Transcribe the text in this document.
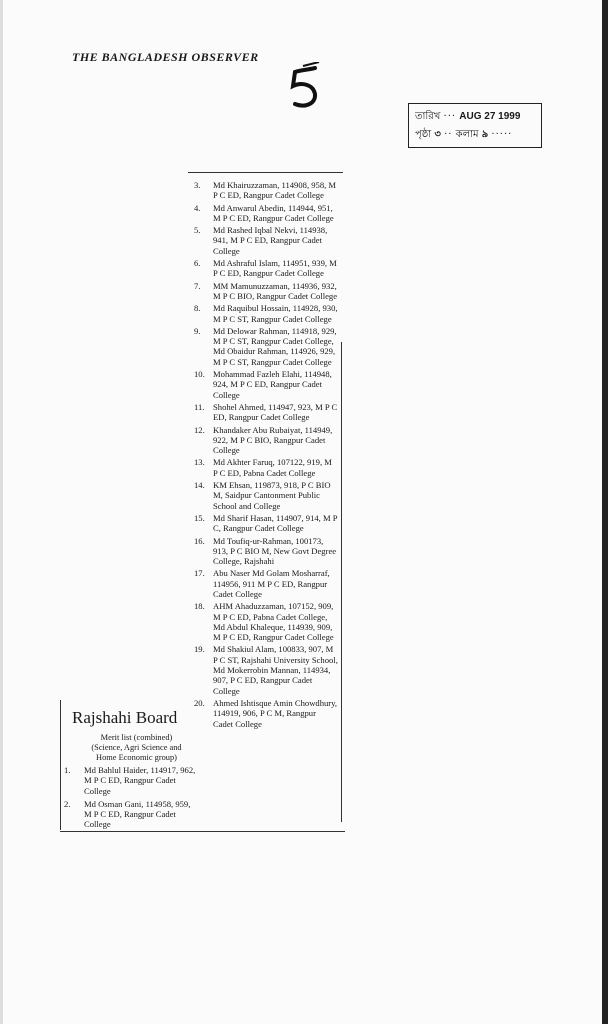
THE BANGLADESH OBSERVER
তারিখ ··· AUG 27 1999
পৃষ্ঠা ৩ ·· কলাম ৯ ·····
3. Md Khairuzzaman, 114908, 958, M P C ED, Rangpur Cadet College
4. Md Anwarul Abedin, 114944, 951, M P C ED, Rangpur Cadet College
5. Md Rashed Iqbal Nekvi, 114938, 941, M P C ED, Rangpur Cadet College
6. Md Ashraful Islam, 114951, 939, M P C ED, Rangpur Cadet College
7. MM Mamunuzzaman, 114936, 932, M P C BIO, Rangpur Cadet College
8. Md Raquibul Hossain, 114928, 930, M P C ST, Rangpur Cadet College
9. Md Delowar Rahman, 114918, 929, M P C ST, Rangpur Cadet College, Md Obaidur Rahman, 114926, 929, M P C ST, Rangpur Cadet College
10. Mohammad Fazleh Elahi, 114948, 924, M P C ED, Rangpur Cadet College
11. Shohel Ahmed, 114947, 923, M P C ED, Rangpur Cadet College
12. Khandaker Abu Rubaiyat, 114949, 922, M P C BIO, Rangpur Cadet College
13. Md Akhter Faruq, 107122, 919, M P C ED, Pabna Cadet College
14. KM Ehsan, 119873, 918, P C BIO M, Saidpur Cantonment Public School and College
15. Md Sharif Hasan, 114907, 914, M P C, Rangpur Cadet College
16. Md Toufiq-ur-Rahman, 100173, 913, P C BIO M, New Govt Degree College, Rajshahi
17. Abu Naser Md Golam Mosharraf, 114956, 911 M P C ED, Rangpur Cadet College
18. AHM Ahaduzzaman, 107152, 909, M P C ED, Pabna Cadet College, Md Abdul Khaleque, 114939, 909, M P C ED, Rangpur Cadet College
19. Md Shakiul Alam, 100833, 907, M P C ST, Rajshahi University School, Md Mokerrobin Mannan, 114934, 907, P C ED, Rangpur Cadet College
20. Ahmed Ishtisque Amin Chowdhury, 114919, 906, P C M, Rangpur Cadet College
Rajshahi Board
Merit list (combined)
(Science, Agri Science and
Home Economic group)
1. Md Bahlul Haider, 114917, 962, M P C ED, Rangpur Cadet College
2. Md Osman Gani, 114958, 959, M P C ED, Rangpur Cadet College
